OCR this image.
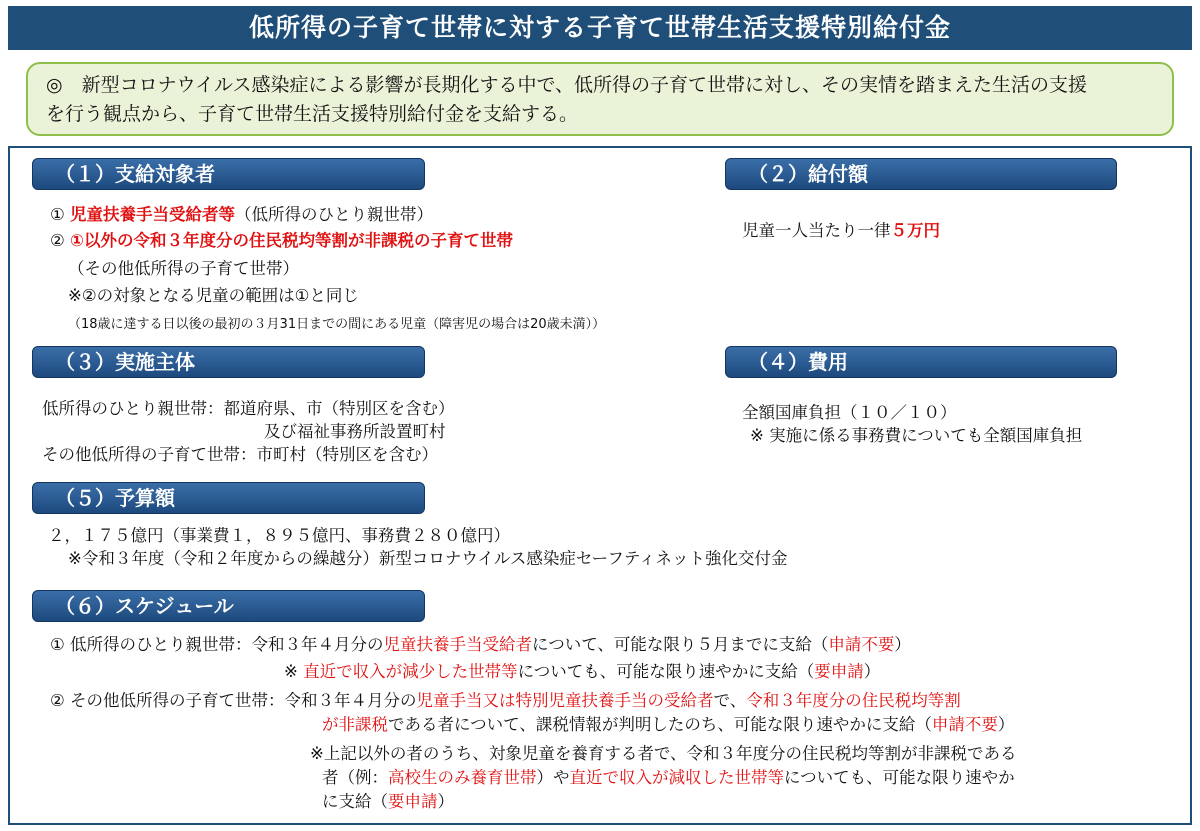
低所得の子育て世帯に対する子育て世帯生活支援特別給付金
◎　新型コロナウイルス感染症による影響が長期化する中で、低所得の子育て世帯に対し、その実情を踏まえた生活の支援
を行う観点から、子育て世帯生活支援特別給付金を支給する。
（１）支給対象者
① 児童扶養手当受給者等（低所得のひとり親世帯）
② ①以外の令和３年度分の住民税均等割が非課税の子育て世帯
（その他低所得の子育て世帯）
※②の対象となる児童の範囲は①と同じ
（18歳に達する日以後の最初の３月31日までの間にある児童（障害児の場合は20歳未満））
（２）給付額
児童一人当たり一律５万円
（３）実施主体
低所得のひとり親世帯：都道府県、市（特別区を含む）
及び福祉事務所設置町村
その他低所得の子育て世帯：市町村（特別区を含む）
（４）費用
全額国庫負担（１０／１０）
※ 実施に係る事務費についても全額国庫負担
（５）予算額
２，１７５億円（事業費１，８９５億円、事務費２８０億円）
※令和３年度（令和２年度からの繰越分）新型コロナウイルス感染症セーフティネット強化交付金
（６）スケジュール
① 低所得のひとり親世帯：令和３年４月分の児童扶養手当受給者について、可能な限り５月までに支給（申請不要）
※ 直近で収入が減少した世帯等についても、可能な限り速やかに支給（要申請）
② その他低所得の子育て世帯：令和３年４月分の児童手当又は特別児童扶養手当の受給者で、令和３年度分の住民税均等割
が非課税である者について、課税情報が判明したのち、可能な限り速やかに支給（申請不要）
※上記以外の者のうち、対象児童を養育する者で、令和３年度分の住民税均等割が非課税である
者（例：高校生のみ養育世帯）や直近で収入が減収した世帯等についても、可能な限り速やか
に支給（要申請）
